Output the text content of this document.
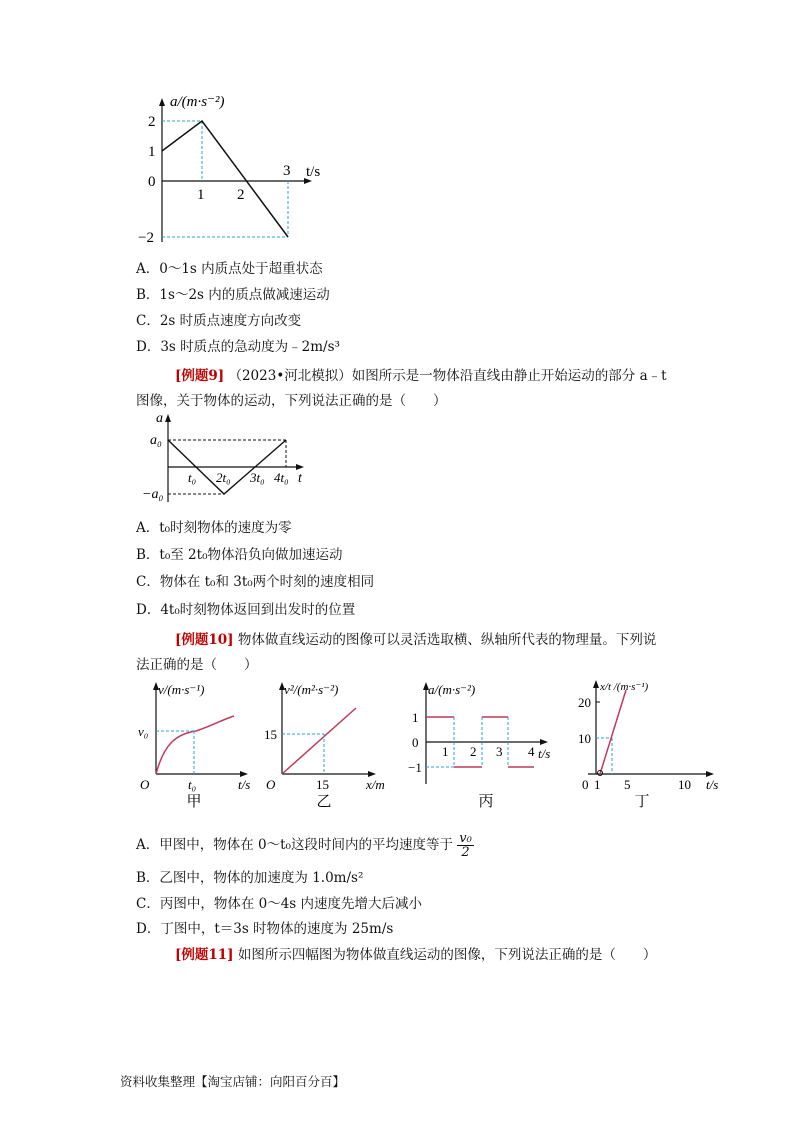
a/(m·s⁻²)
t/s
2
1
0
−2
1 2
3
A．0～1s 内质点处于超重状态
B．1s～2s 内的质点做减速运动
C．2s 时质点速度方向改变
D．3s 时质点的急动度为﹣2m/s³
[例题9] （2023•河北模拟）如图所示是一物体沿直线由静止开始运动的部分 a﹣t
图像，关于物体的运动，下列说法正确的是（　　）
a
t
a₀
−a₀
t₀ 2t₀ 3t₀ 4t₀
A．t₀时刻物体的速度为零
B．t₀至 2t₀物体沿负向做加速运动
C．物体在 t₀和 3t₀两个时刻的速度相同
D．4t₀时刻物体返回到出发时的位置
[例题10] 物体做直线运动的图像可以灵活选取横、纵轴所代表的物理量。下列说
法正确的是（　　）
v/(m·s⁻¹)
t/s
O
v₀
t₀
甲
v²/(m²·s⁻²)
x/m
O
15
15
乙
a/(m·s⁻²)
t/s
1
0
−1
1 2 3 4
丙
x/t /(m·s⁻¹)
t/s
20
10
0 1 5	10
丁
A．甲图中，物体在 0～t₀这段时间内的平均速度等于 $\frac{\text{v₀}}{2}$
B．乙图中，物体的加速度为 1.0m/s²
C．丙图中，物体在 0～4s 内速度先增大后减小
D．丁图中，t＝3s 时物体的速度为 25m/s
[例题11] 如图所示四幅图为物体做直线运动的图像，下列说法正确的是（　　）
资料收集整理【淘宝店铺：向阳百分百】
